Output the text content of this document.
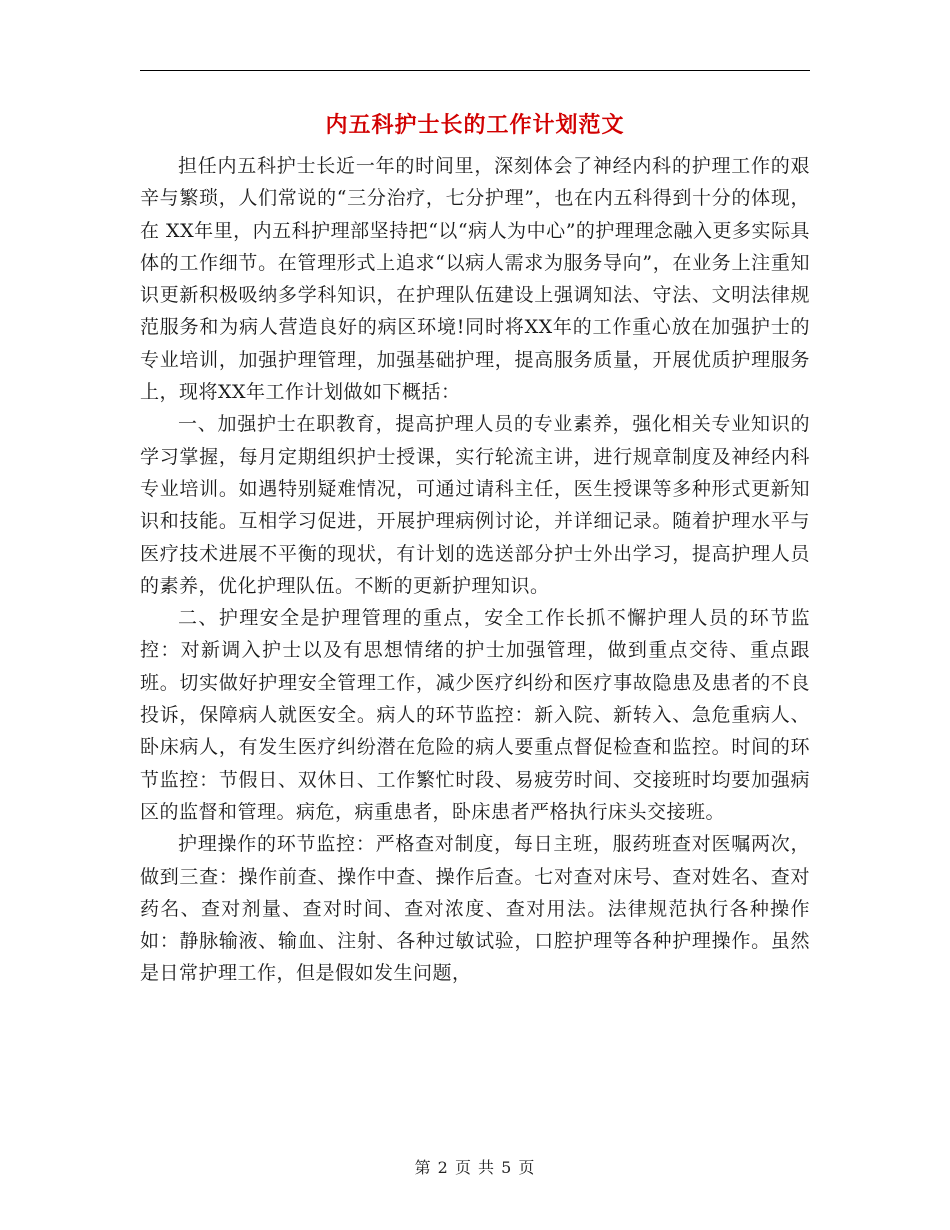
内五科护士长的工作计划范文

担任内五科护士长近一年的时间里，深刻体会了神经内科的护理工作的艰辛与繁琐，人们常说的“三分治疗，七分护理”，也在内五科得到十分的体现，在 XX年里，内五科护理部坚持把“以“病人为中心”的护理理念融入更多实际具体的工作细节。在管理形式上追求“以病人需求为服务导向”，在业务上注重知识更新积极吸纳多学科知识，在护理队伍建设上强调知法、守法、文明法律规范服务和为病人营造良好的病区环境!同时将XX年的工作重心放在加强护士的专业培训，加强护理管理，加强基础护理，提高服务质量，开展优质护理服务上，现将XX年工作计划做如下概括：

一、加强护士在职教育，提高护理人员的专业素养，强化相关专业知识的学习掌握，每月定期组织护士授课，实行轮流主讲，进行规章制度及神经内科专业培训。如遇特别疑难情况，可通过请科主任，医生授课等多种形式更新知识和技能。互相学习促进，开展护理病例讨论，并详细记录。随着护理水平与医疗技术进展不平衡的现状，有计划的选送部分护士外出学习，提高护理人员的素养，优化护理队伍。不断的更新护理知识。

二、护理安全是护理管理的重点，安全工作长抓不懈护理人员的环节监控：对新调入护士以及有思想情绪的护士加强管理，做到重点交待、重点跟班。切实做好护理安全管理工作，减少医疗纠纷和医疗事故隐患及患者的不良投诉，保障病人就医安全。病人的环节监控：新入院、新转入、急危重病人、卧床病人，有发生医疗纠纷潜在危险的病人要重点督促检查和监控。时间的环节监控：节假日、双休日、工作繁忙时段、易疲劳时间、交接班时均要加强病区的监督和管理。病危，病重患者，卧床患者严格执行床头交接班。

护理操作的环节监控：严格查对制度，每日主班，服药班查对医嘱两次，做到三查：操作前查、操作中查、操作后查。七对查对床号、查对姓名、查对药名、查对剂量、查对时间、查对浓度、查对用法。法律规范执行各种操作如：静脉输液、输血、注射、各种过敏试验，口腔护理等各种护理操作。虽然是日常护理工作，但是假如发生问题，

第 2 页 共 5 页
